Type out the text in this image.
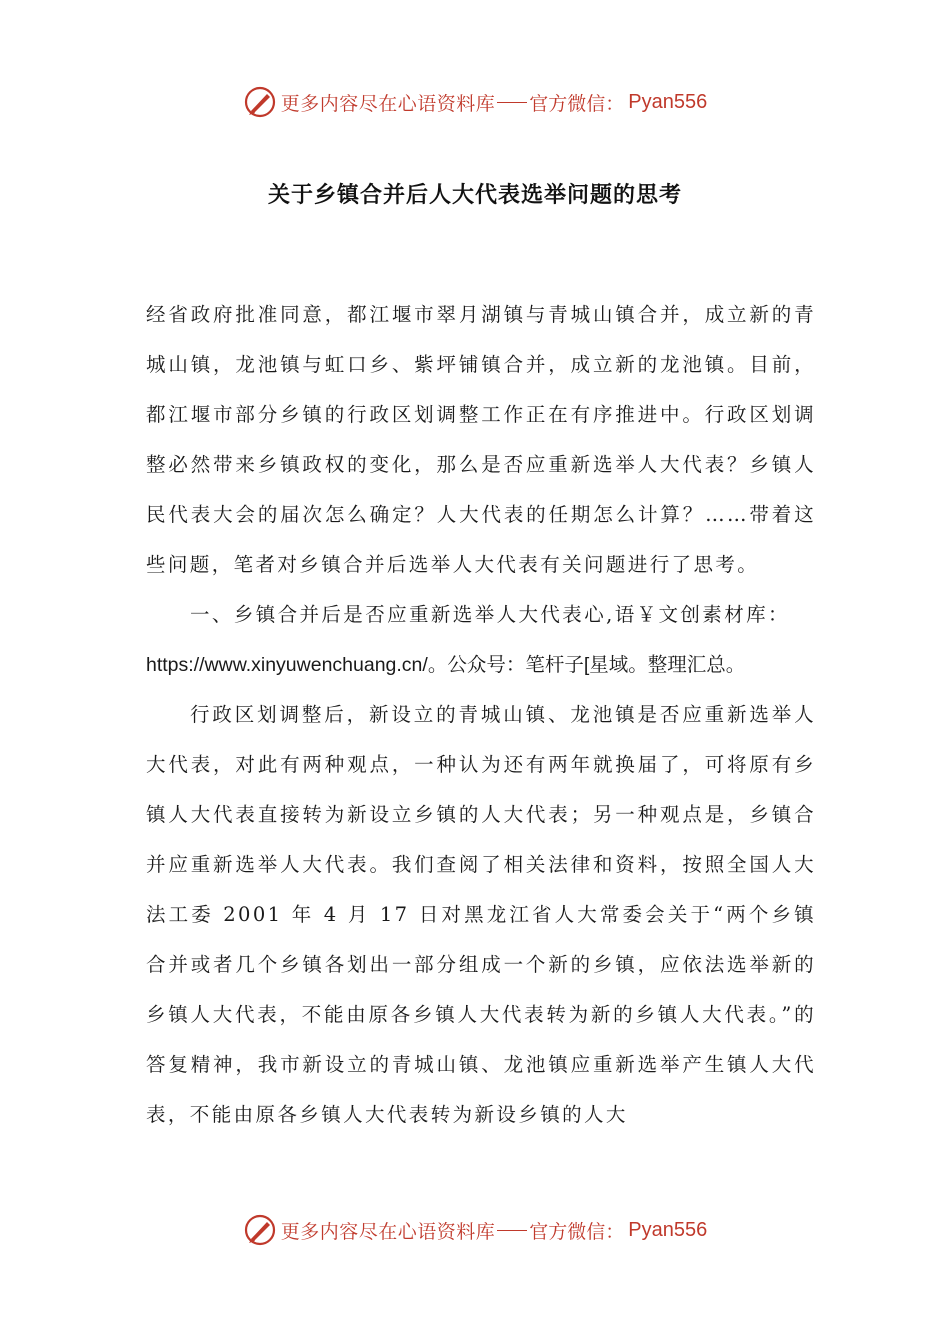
更多内容尽在心语资料库 官方微信： Pyan556
关于乡镇合并后人大代表选举问题的思考

经省政府批准同意，都江堰市翠月湖镇与青城山镇合并，成立新的青城山镇，龙池镇与虹口乡、紫坪铺镇合并，成立新的龙池镇。目前，都江堰市部分乡镇的行政区划调整工作正在有序推进中。行政区划调整必然带来乡镇政权的变化，那么是否应重新选举人大代表？乡镇人民代表大会的届次怎么确定？人大代表的任期怎么计算？……带着这些问题，笔者对乡镇合并后选举人大代表有关问题进行了思考。

一、乡镇合并后是否应重新选举人大代表心,语￥文创素材库：

https://www.xinyuwenchuang.cn/。公众号：笔杆子[星域。整理汇总。

行政区划调整后，新设立的青城山镇、龙池镇是否应重新选举人大代表，对此有两种观点，一种认为还有两年就换届了，可将原有乡镇人大代表直接转为新设立乡镇的人大代表；另一种观点是，乡镇合并应重新选举人大代表。我们查阅了相关法律和资料，按照全国人大法工委 2001 年 4 月 17 日对黑龙江省人大常委会关于“两个乡镇合并或者几个乡镇各划出一部分组成一个新的乡镇，应依法选举新的乡镇人大代表，不能由原各乡镇人大代表转为新的乡镇人大代表。”的答复精神，我市新设立的青城山镇、龙池镇应重新选举产生镇人大代表，不能由原各乡镇人大代表转为新设乡镇的人大

更多内容尽在心语资料库 官方微信： Pyan556
